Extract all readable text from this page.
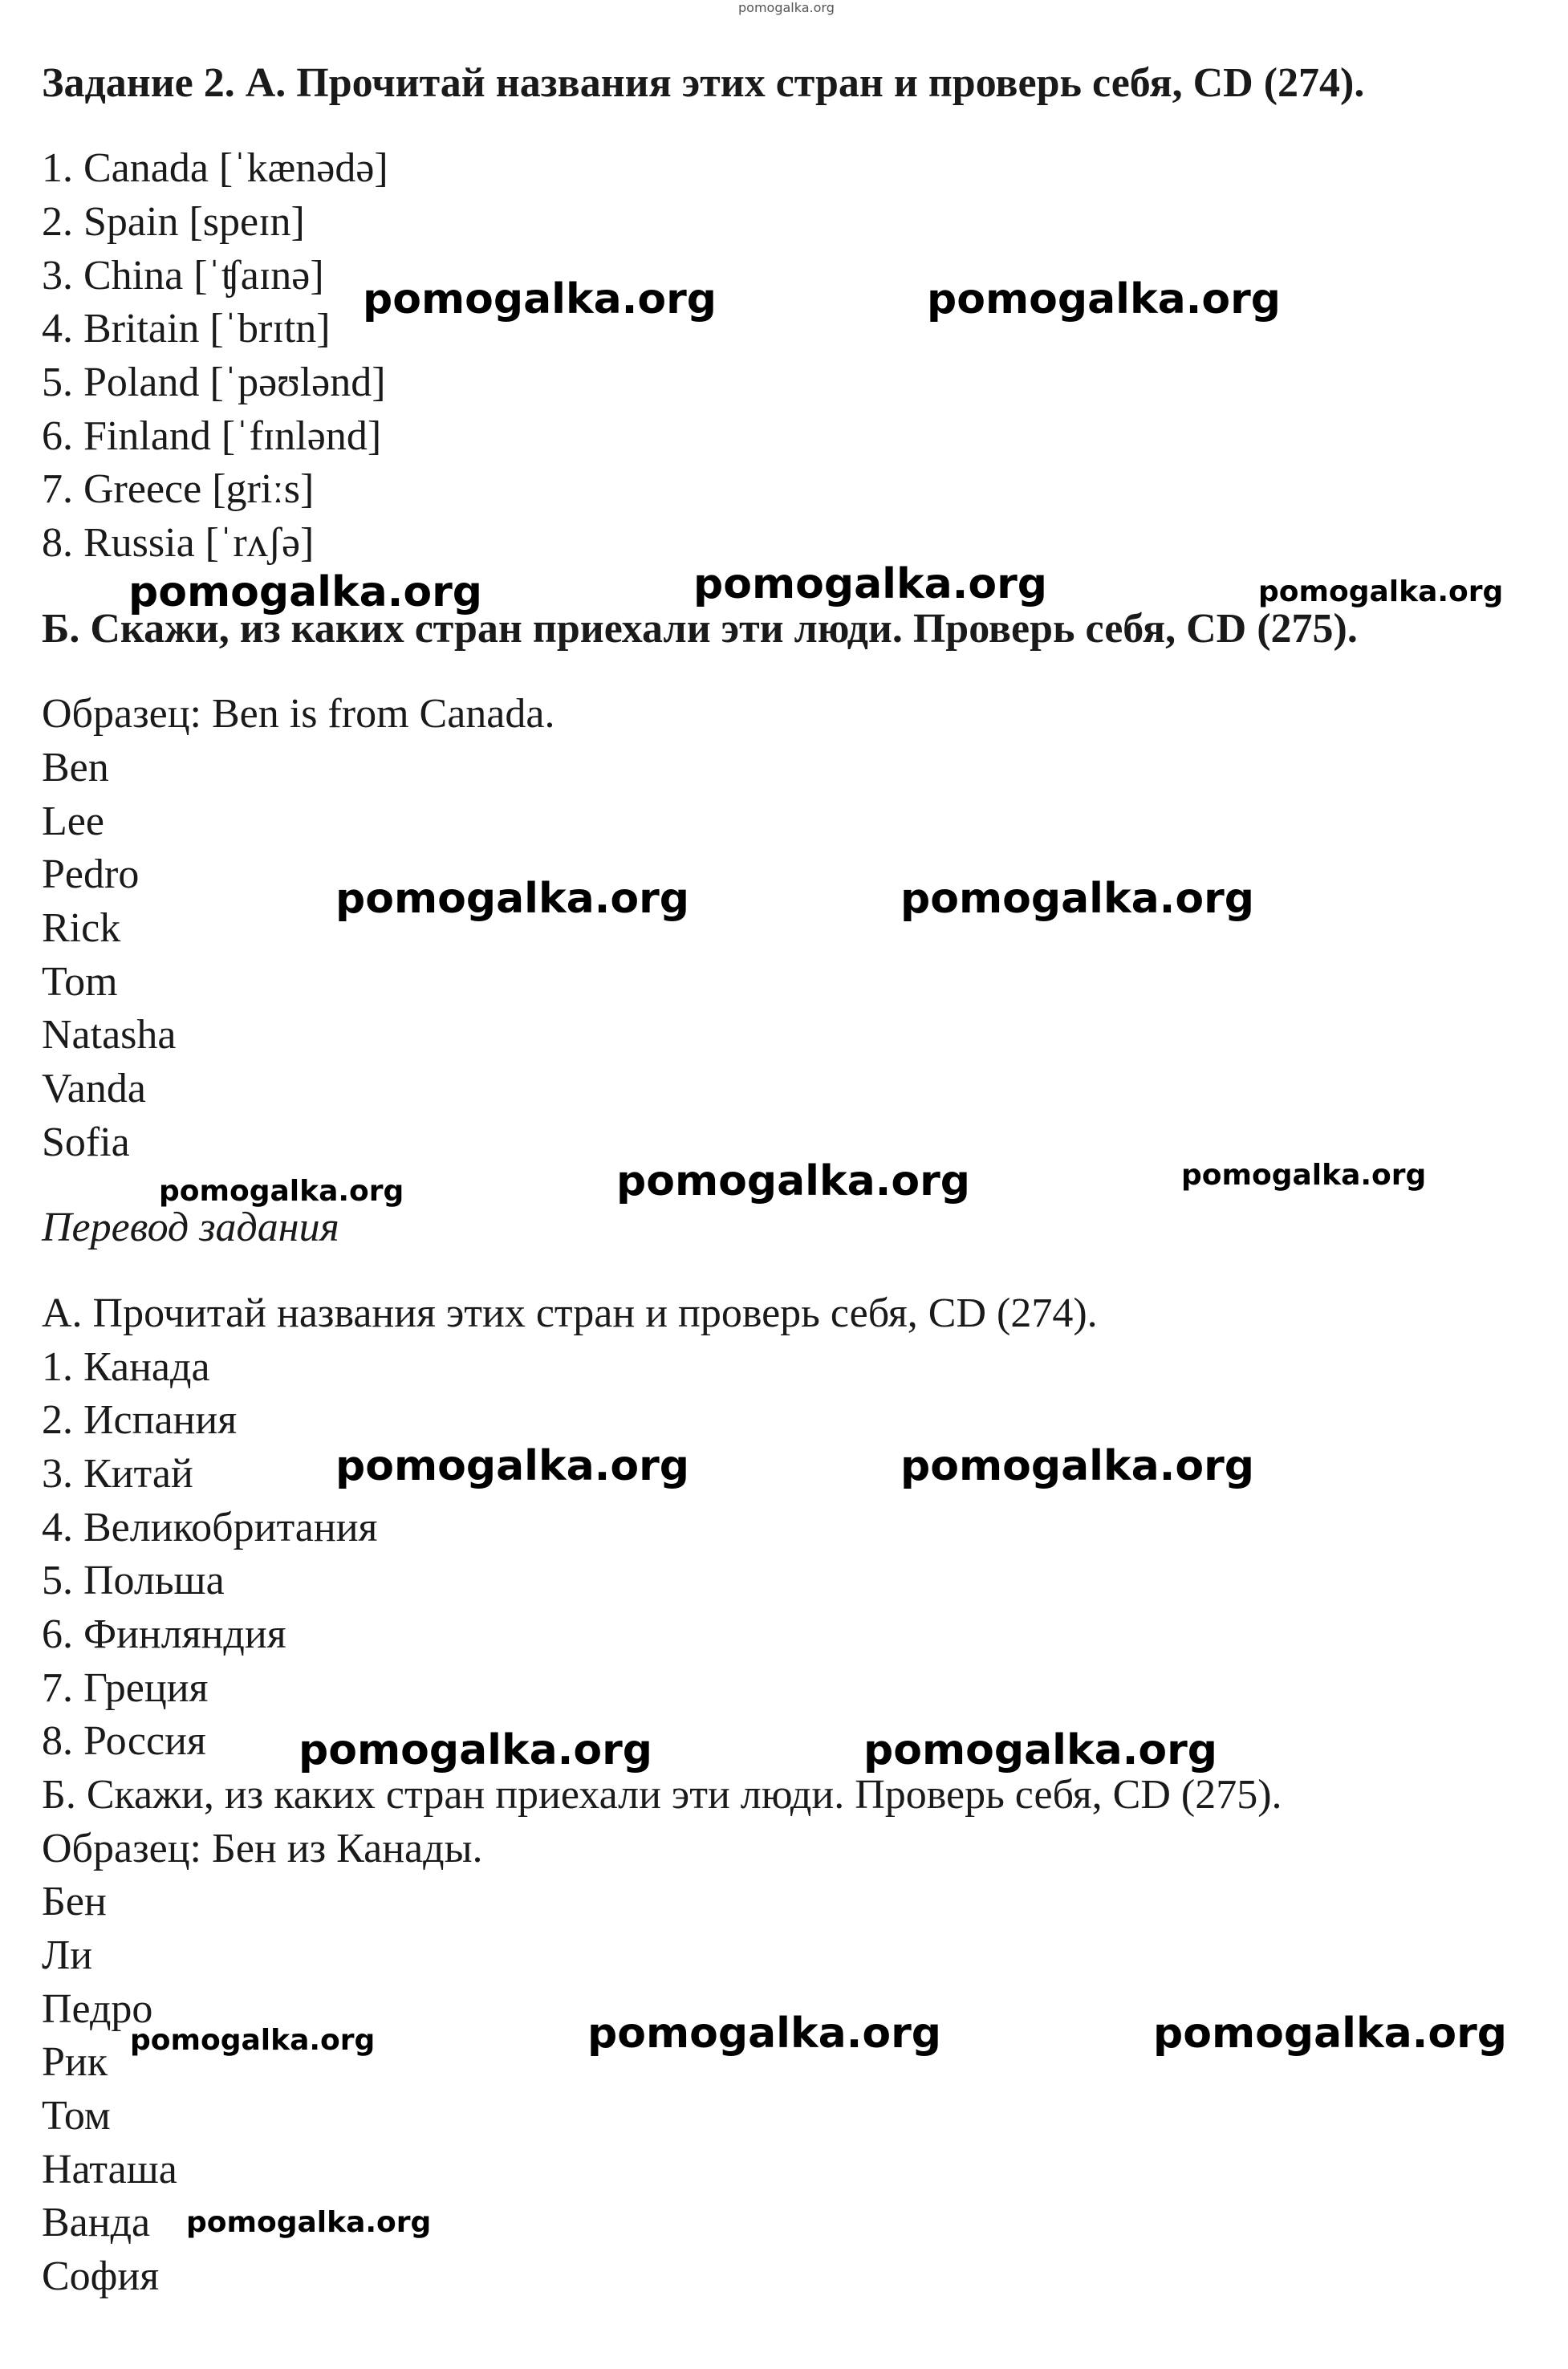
pomogalka.org

Задание 2. А. Прочитай названия этих стран и проверь себя, CD (274).

1. Canada [ˈkænədə]

2. Spain [speɪn]

3. China [ˈʧaɪnə]

4. Britain [ˈbrɪtn]

5. Poland [ˈpəʊlənd]

6. Finland [ˈfɪnlənd]

7. Greece [griːs]

8. Russia [ˈrʌʃə]

Б. Скажи, из каких стран приехали эти люди. Проверь себя, CD (275).

Образец: Ben is from Canada.

Ben

Lee

Pedro

Rick

Tom

Natasha

Vanda

Sofia

Перевод задания

А. Прочитай названия этих стран и проверь себя, CD (274).

1. Канада

2. Испания

3. Китай

4. Великобритания

5. Польша

6. Финляндия

7. Греция

8. Россия

Б. Скажи, из каких стран приехали эти люди. Проверь себя, CD (275).

Образец: Бен из Канады.

Бен

Ли

Педро

Рик

Том

Наташа

Ванда

София

pomogalka.org	pomogalka.org
pomogalka.org	pomogalka.org	pomogalka.org
pomogalka.org	pomogalka.org
pomogalka.org	pomogalka.org	pomogalka.org
pomogalka.org	pomogalka.org
pomogalka.org	pomogalka.org
pomogalka.org	pomogalka.org	pomogalka.org
pomogalka.org
